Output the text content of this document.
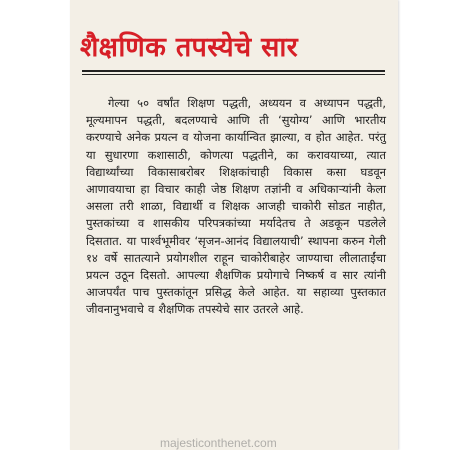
शैक्षणिक तपस्येचे सार

गेल्या ५० वर्षांत शिक्षण पद्धती, अध्ययन व अध्यापन पद्धती, मूल्यमापन पद्धती, बदलण्याचे आणि ती ‘सुयोग्य’ आणि भारतीय करण्याचे अनेक प्रयत्न व योजना कार्यान्वित झाल्या, व होत आहेत. परंतु या सुधारणा कशासाठी, कोणत्या पद्धतीने, का करावयाच्या, त्यात विद्यार्थ्यांच्या विकासाबरोबर शिक्षकांचाही विकास कसा घडवून आणावयाचा हा विचार काही जेष्ठ शिक्षण तज्ञांनी व अधिकाऱ्यांनी केला असला तरी शाळा, विद्यार्थी व शिक्षक आजही चाकोरी सोडत नाहीत, पुस्तकांच्या व शासकीय परिपत्रकांच्या मर्यादेतच ते अडकून पडलेले दिसतात. या पार्श्वभूमीवर ‘सृजन-आनंद विद्यालयाची’ स्थापना करुन गेली १४ वर्षे सातत्याने प्रयोगशील राहून चाकोरीबाहेर जाण्याचा लीलाताईंचा प्रयत्न उठून दिसतो. आपल्या शैक्षणिक प्रयोगाचे निष्कर्ष व सार त्यांनी आजपर्यंत पाच पुस्तकांतून प्रसिद्ध केले आहेत. या सहाव्या पुस्तकात जीवनानुभवाचे व शैक्षणिक तपस्येचे सार उतरले आहे.

majesticonthenet.com
